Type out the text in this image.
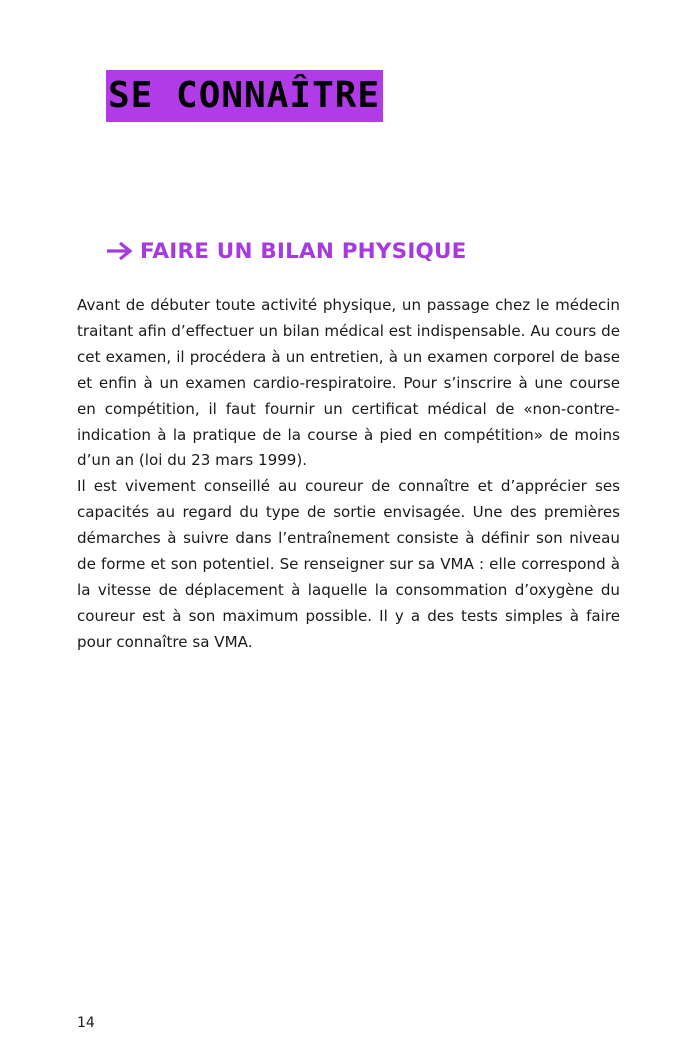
SE CONNAÎTRE
FAIRE UN BILAN PHYSIQUE

Avant de débuter toute activité physique, un passage chez le médecin traitant afin d’effectuer un bilan médical est indispensable. Au cours de cet examen, il procédera à un entretien, à un examen corporel de base et enfin à un examen cardio-respiratoire. Pour s’inscrire à une course en compétition, il faut fournir un certificat médical de «non-contre-indication à la pratique de la course à pied en compétition» de moins d’un an (loi du 23 mars 1999).

Il est vivement conseillé au coureur de connaître et d’apprécier ses capacités au regard du type de sortie envisagée. Une des premières démarches à suivre dans l’entraînement consiste à définir son niveau de forme et son potentiel. Se renseigner sur sa VMA : elle correspond à la vitesse de déplacement à laquelle la consommation d’oxygène du coureur est à son maximum possible. Il y a des tests simples à faire pour connaître sa VMA.

14
